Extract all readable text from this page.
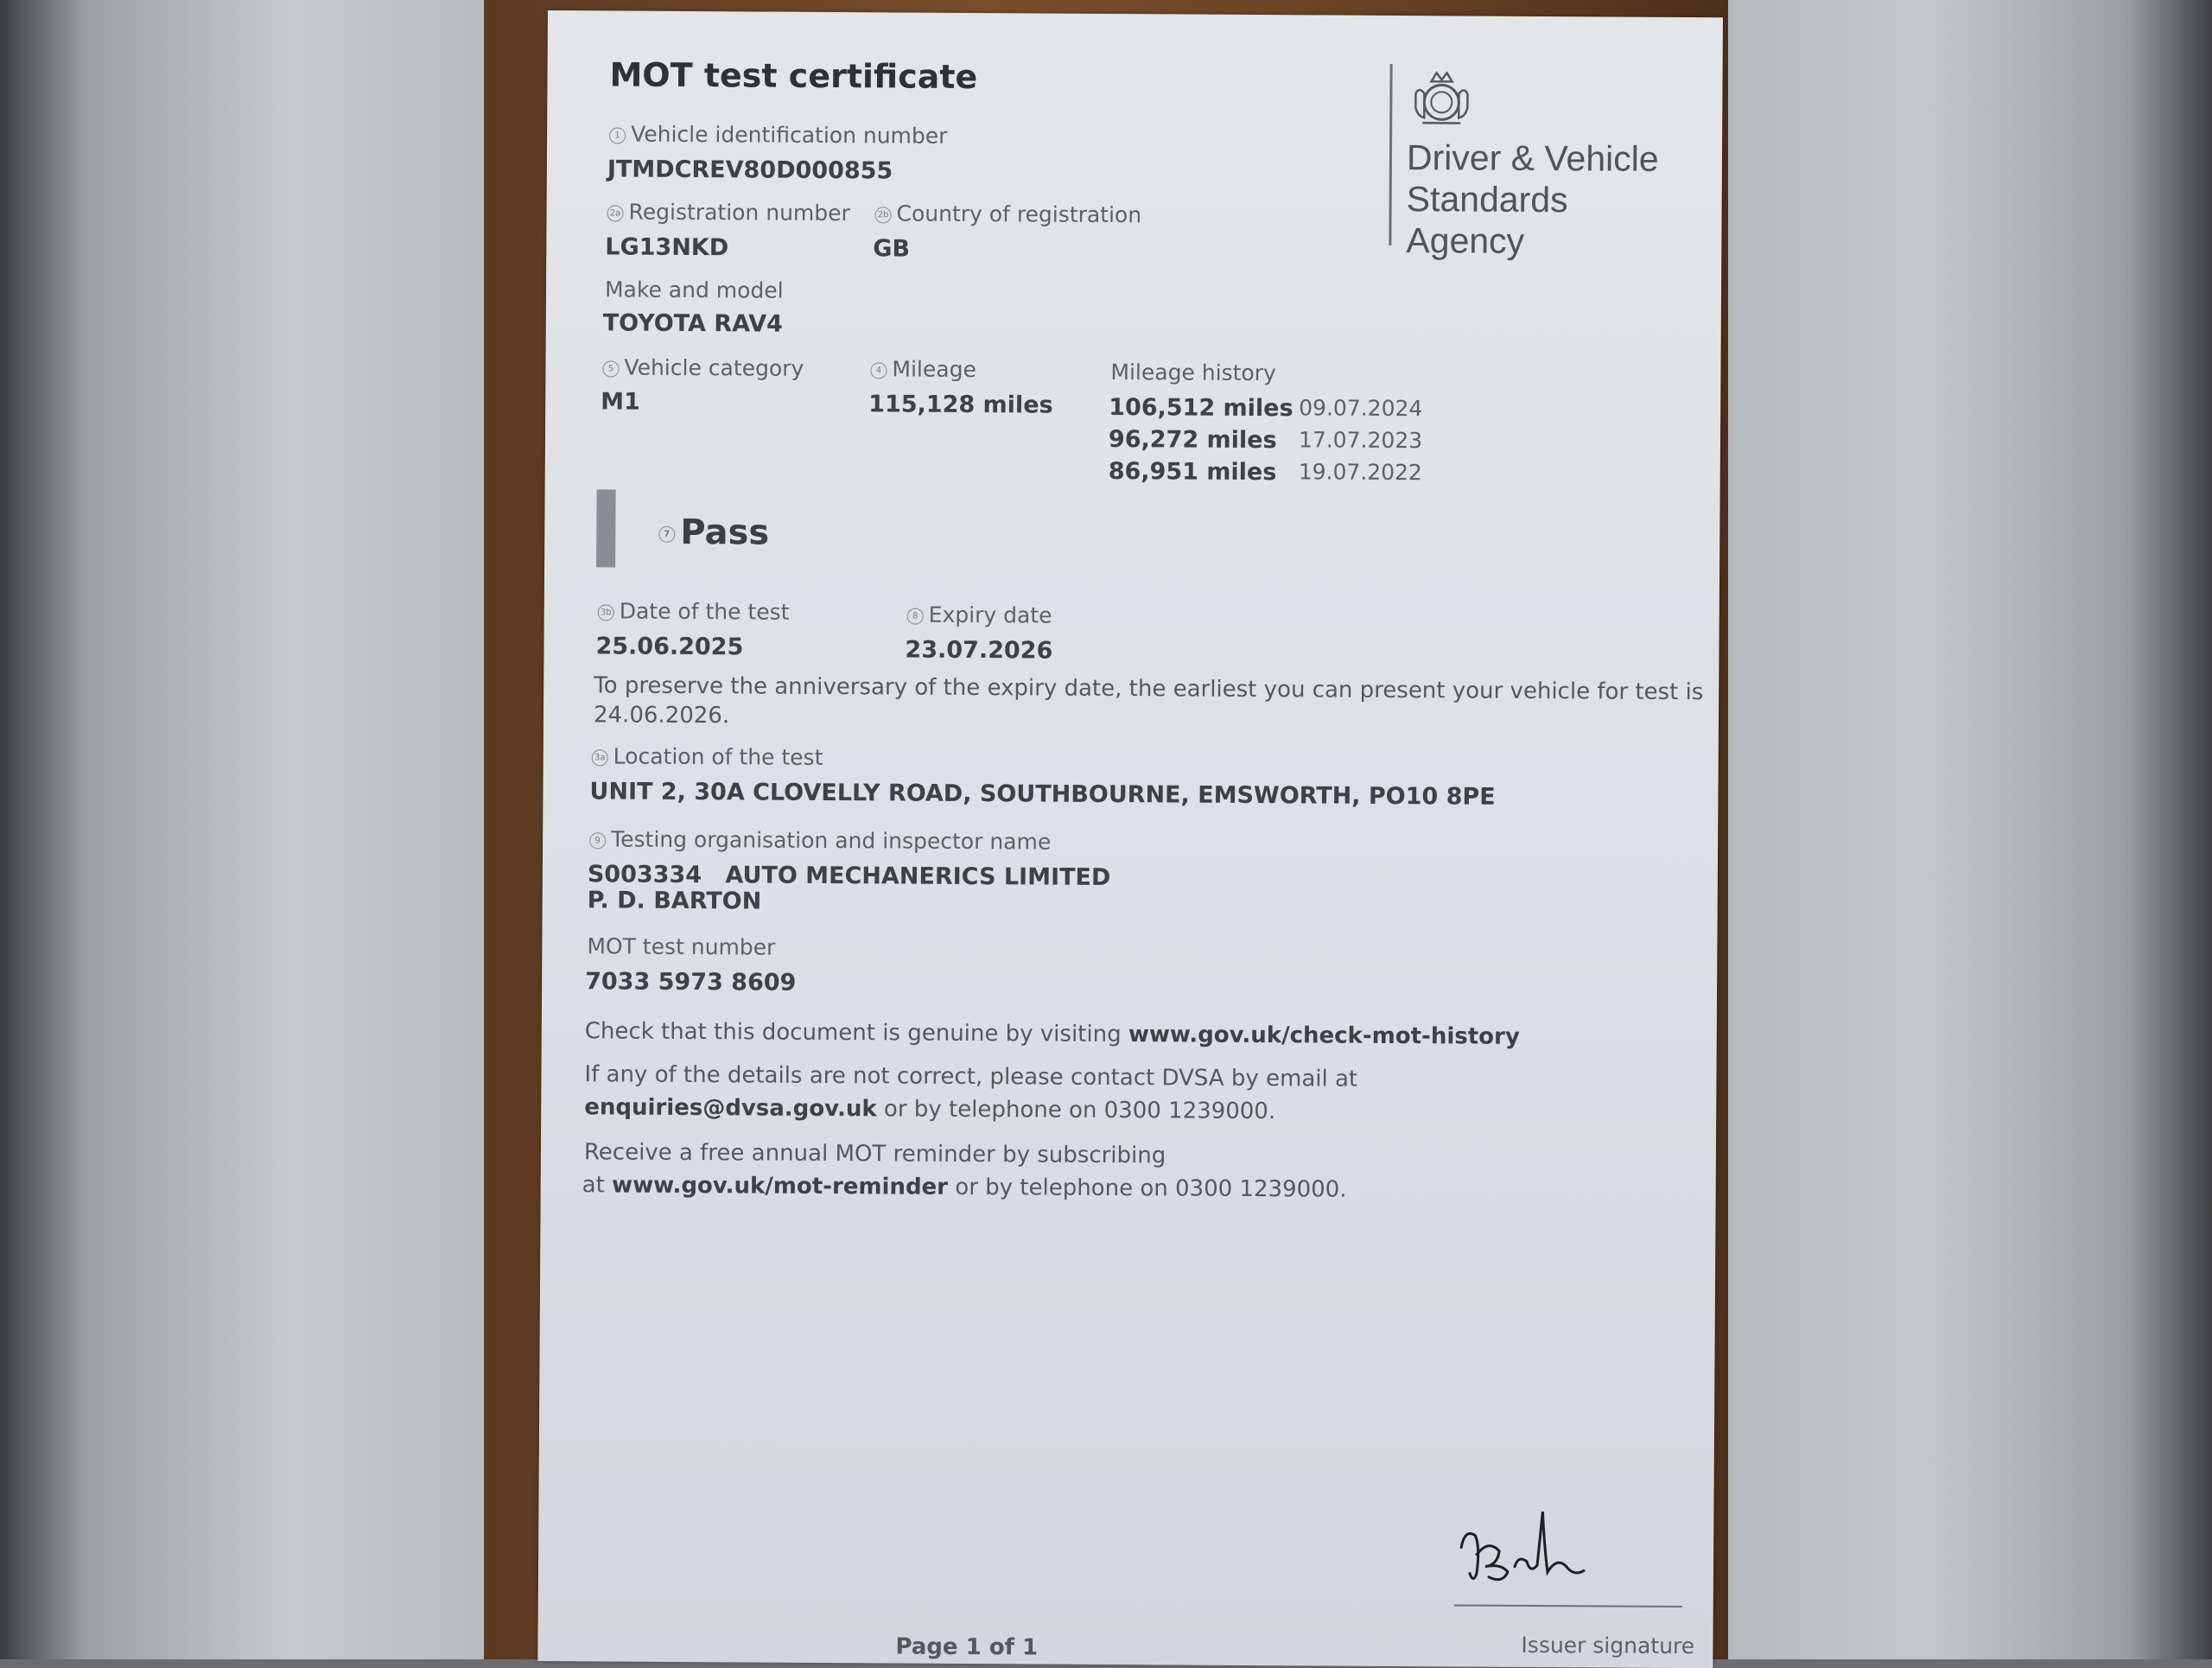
MOT test certificate
Driver & Vehicle
Standards
Agency
1 Vehicle identification number
JTMDCREV80D000855
2a Registration number
LG13NKD
2b Country of registration
GB
Make and model
TOYOTA RAV4
5 Vehicle category
M1
4 Mileage
115,128 miles
Mileage history
106,512 miles 09.07.2024
96,272 miles 17.07.2023
86,951 miles 19.07.2022
7 Pass
3b Date of the test
25.06.2025
8 Expiry date
23.07.2026
To preserve the anniversary of the expiry date, the earliest you can present your vehicle for test is
24.06.2026.
3a Location of the test
UNIT 2, 30A CLOVELLY ROAD, SOUTHBOURNE, EMSWORTH, PO10 8PE
9 Testing organisation and inspector name
S003334 AUTO MECHANERICS LIMITED
P. D. BARTON
MOT test number
7033 5973 8609
Check that this document is genuine by visiting www.gov.uk/check-mot-history
If any of the details are not correct, please contact DVSA by email at
enquiries@dvsa.gov.uk or by telephone on 0300 1239000.
Receive a free annual MOT reminder by subscribing
at www.gov.uk/mot-reminder or by telephone on 0300 1239000.
Issuer signature
Page 1 of 1
